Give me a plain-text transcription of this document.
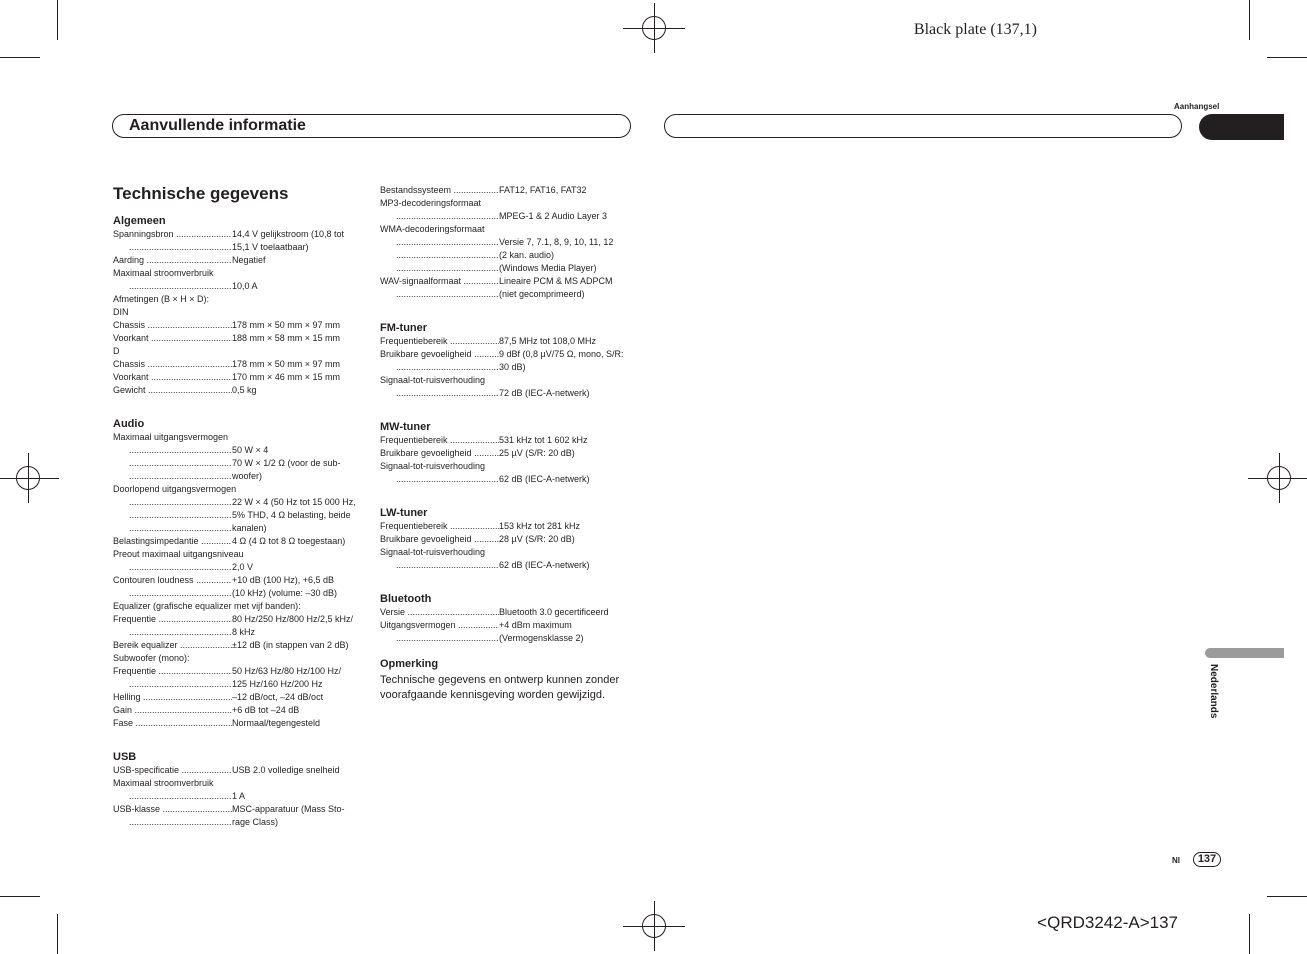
Black plate (137,1)
<QRD3242-A>137
Aanhangsel
Aanvullende informatie
Nederlands
Nl	137
Technische gegevens
Algemeen
Spanningsbron .....	14,4 V gelijkstroom (10,8 tot
.....
15,1 V toelaatbaar)
Aarding .....	Negatief
Maximaal stroomverbruik
.....
10,0 A
Afmetingen (B × H × D):
DIN
Chassis .....	178 mm × 50 mm × 97 mm
Voorkant .....	188 mm × 58 mm × 15 mm
D
Chassis .....	178 mm × 50 mm × 97 mm
Voorkant .....	170 mm × 46 mm × 15 mm
Gewicht .....	0,5 kg
Audio
Maximaal uitgangsvermogen
.....
50 W × 4
.....
70 W × 1/2 Ω (voor de sub-
.....
woofer)
Doorlopend uitgangsvermogen
.....
22 W × 4 (50 Hz tot 15 000 Hz,
.....
5% THD, 4 Ω belasting, beide
.....
kanalen)
Belastingsimpedantie .....	4 Ω (4 Ω tot 8 Ω toegestaan)
Preout maximaal uitgangsniveau
.....
2,0 V
Contouren loudness .....	+10 dB (100 Hz), +6,5 dB
.....
(10 kHz) (volume: –30 dB)
Equalizer (grafische equalizer met vijf banden):
Frequentie .....	80 Hz/250 Hz/800 Hz/2,5 kHz/
.....
8 kHz
Bereik equalizer .....	±12 dB (in stappen van 2 dB)
Subwoofer (mono):
Frequentie .....	50 Hz/63 Hz/80 Hz/100 Hz/
.....
125 Hz/160 Hz/200 Hz
Helling .....	–12 dB/oct, –24 dB/oct
Gain .....	+6 dB tot –24 dB
Fase .....	Normaal/tegengesteld
USB
USB-specificatie .....	USB 2.0 volledige snelheid
Maximaal stroomverbruik
.....
1 A
USB-klasse .....	MSC-apparatuur (Mass Sto-
.....
rage Class)
Bestandssysteem .....	FAT12, FAT16, FAT32
MP3-decoderingsformaat
.....
MPEG-1 & 2 Audio Layer 3
WMA-decoderingsformaat
.....
Versie 7, 7.1, 8, 9, 10, 11, 12
.....
(2 kan. audio)
.....
(Windows Media Player)
WAV-signaalformaat .....	Lineaire PCM & MS ADPCM
.....
(niet gecomprimeerd)
FM-tuner
Frequentiebereik .....	87,5 MHz tot 108,0 MHz
Bruikbare gevoeligheid .....	9 dBf (0,8 µV/75 Ω, mono, S/R:
.....
30 dB)
Signaal-tot-ruisverhouding
.....
72 dB (IEC-A-netwerk)
MW-tuner
Frequentiebereik .....	531 kHz tot 1 602 kHz
Bruikbare gevoeligheid .....	25 µV (S/R: 20 dB)
Signaal-tot-ruisverhouding
.....
62 dB (IEC-A-netwerk)
LW-tuner
Frequentiebereik .....	153 kHz tot 281 kHz
Bruikbare gevoeligheid .....	28 µV (S/R: 20 dB)
Signaal-tot-ruisverhouding
.....
62 dB (IEC-A-netwerk)
Bluetooth
Versie .....	Bluetooth 3.0 gecertificeerd
Uitgangsvermogen .....	+4 dBm maximum
.....
(Vermogensklasse 2)
Opmerking
Technische gegevens en ontwerp kunnen zonder voorafgaande kennisgeving worden gewijzigd.
